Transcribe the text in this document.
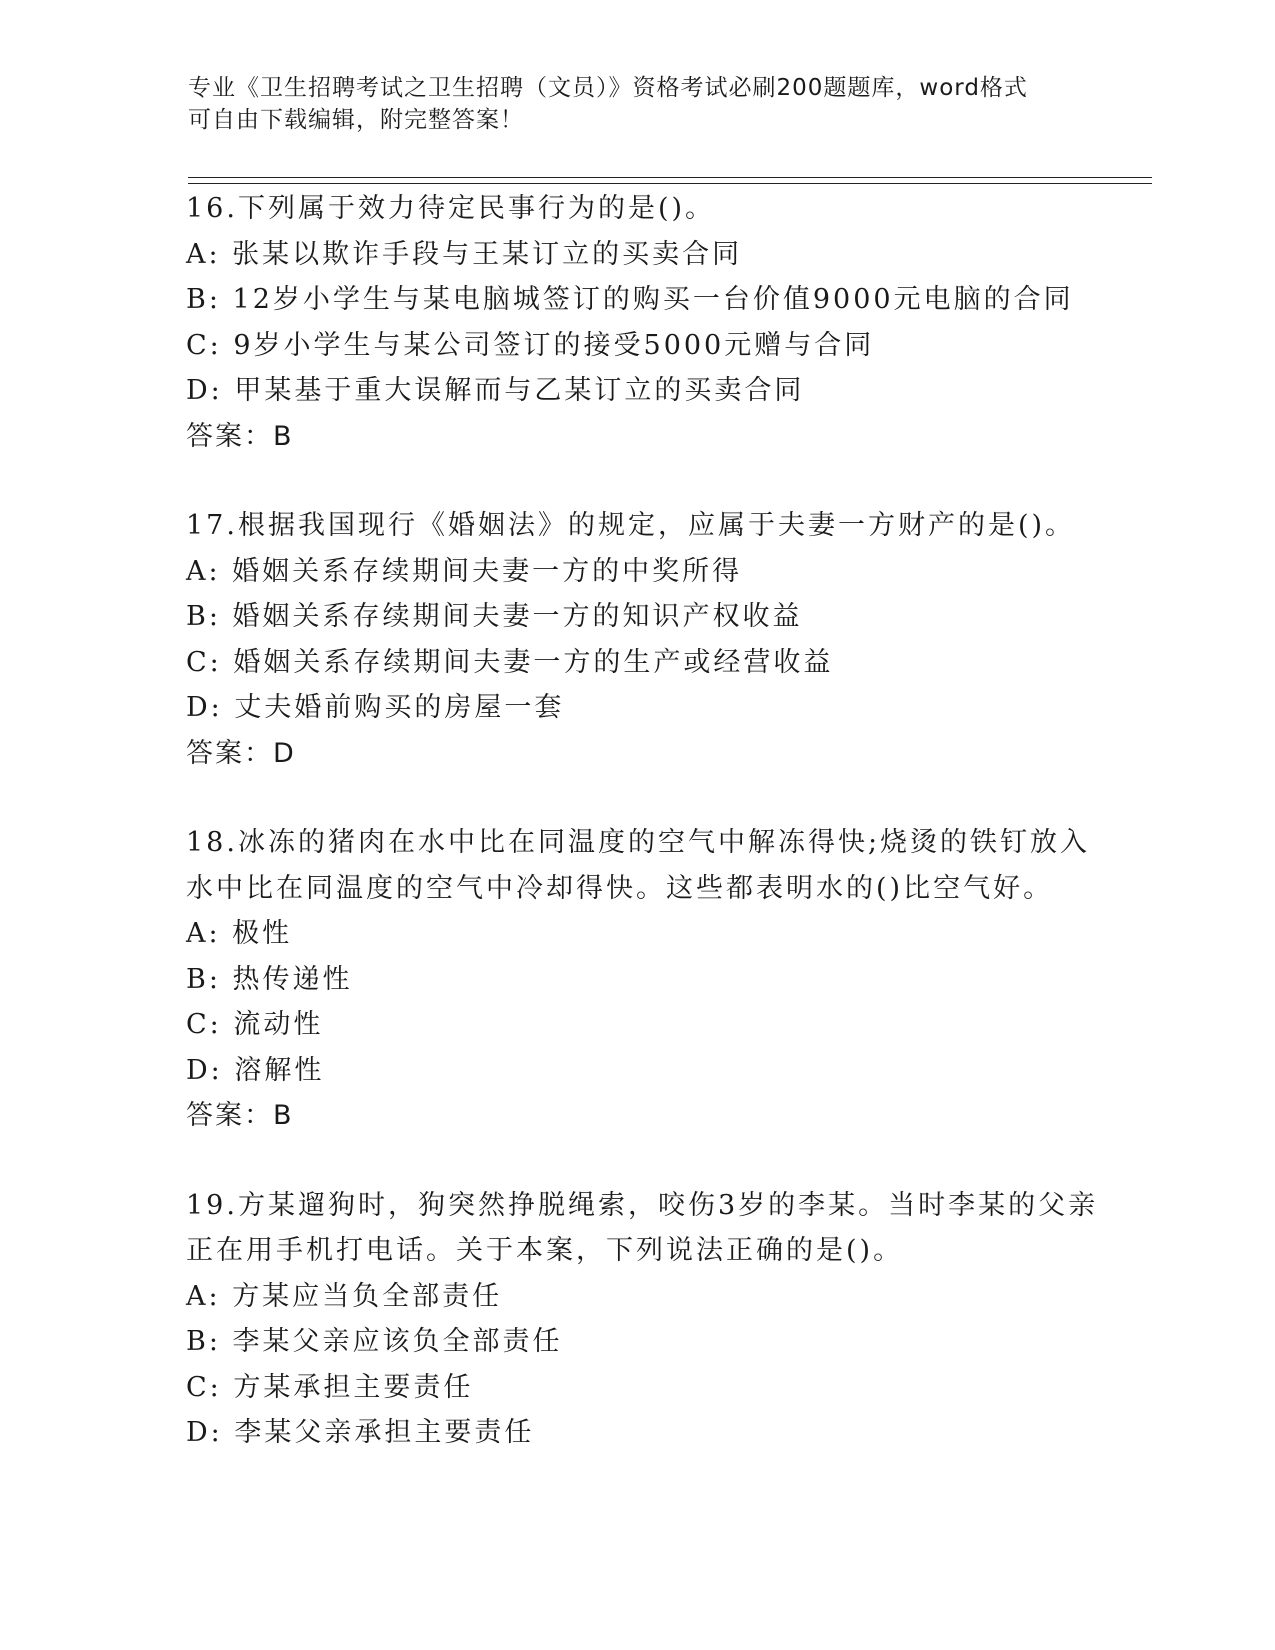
专业《卫生招聘考试之卫生招聘（文员）》资格考试必刷200题题库，word格式
可自由下载编辑，附完整答案！
16.下列属于效力待定民事行为的是()。
A: 张某以欺诈手段与王某订立的买卖合同
B: 12岁小学生与某电脑城签订的购买一台价值9000元电脑的合同
C: 9岁小学生与某公司签订的接受5000元赠与合同
D: 甲某基于重大误解而与乙某订立的买卖合同
答案：B
17.根据我国现行《婚姻法》的规定，应属于夫妻一方财产的是()。
A: 婚姻关系存续期间夫妻一方的中奖所得
B: 婚姻关系存续期间夫妻一方的知识产权收益
C: 婚姻关系存续期间夫妻一方的生产或经营收益
D: 丈夫婚前购买的房屋一套
答案：D
18.冰冻的猪肉在水中比在同温度的空气中解冻得快;烧烫的铁钉放入
水中比在同温度的空气中冷却得快。这些都表明水的()比空气好。
A: 极性
B: 热传递性
C: 流动性
D: 溶解性
答案：B
19.方某遛狗时，狗突然挣脱绳索，咬伤3岁的李某。当时李某的父亲
正在用手机打电话。关于本案，下列说法正确的是()。
A: 方某应当负全部责任
B: 李某父亲应该负全部责任
C: 方某承担主要责任
D: 李某父亲承担主要责任
